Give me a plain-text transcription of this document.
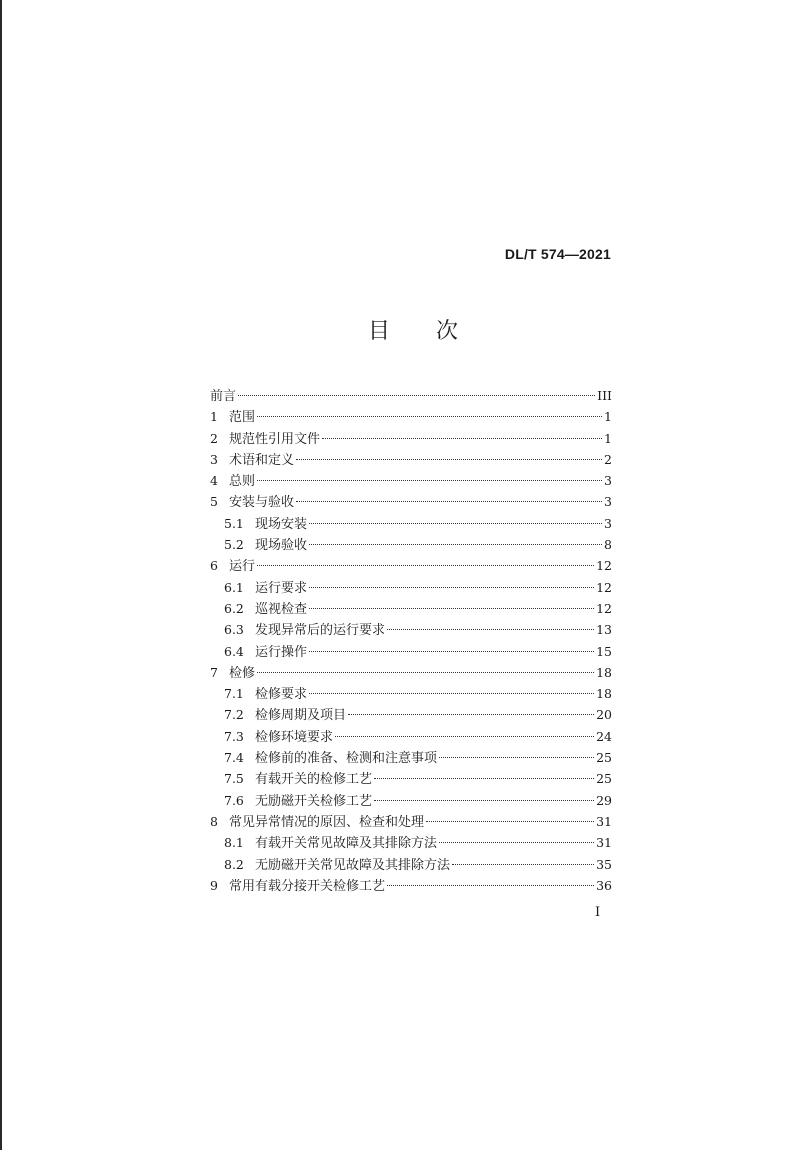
DL/T 574—2021
目 次
前言	III
1 范围	1
2 规范性引用文件	1
3 术语和定义	2
4 总则	3
5 安装与验收	3
5.1 现场安装	3
5.2 现场验收	8
6 运行	12
6.1 运行要求	12
6.2 巡视检查	12
6.3 发现异常后的运行要求	13
6.4 运行操作	15
7 检修	18
7.1 检修要求	18
7.2 检修周期及项目	20
7.3 检修环境要求	24
7.4 检修前的准备、检测和注意事项	25
7.5 有载开关的检修工艺	25
7.6 无励磁开关检修工艺	29
8 常见异常情况的原因、检查和处理	31
8.1 有载开关常见故障及其排除方法	31
8.2 无励磁开关常见故障及其排除方法	35
9 常用有载分接开关检修工艺	36
I
